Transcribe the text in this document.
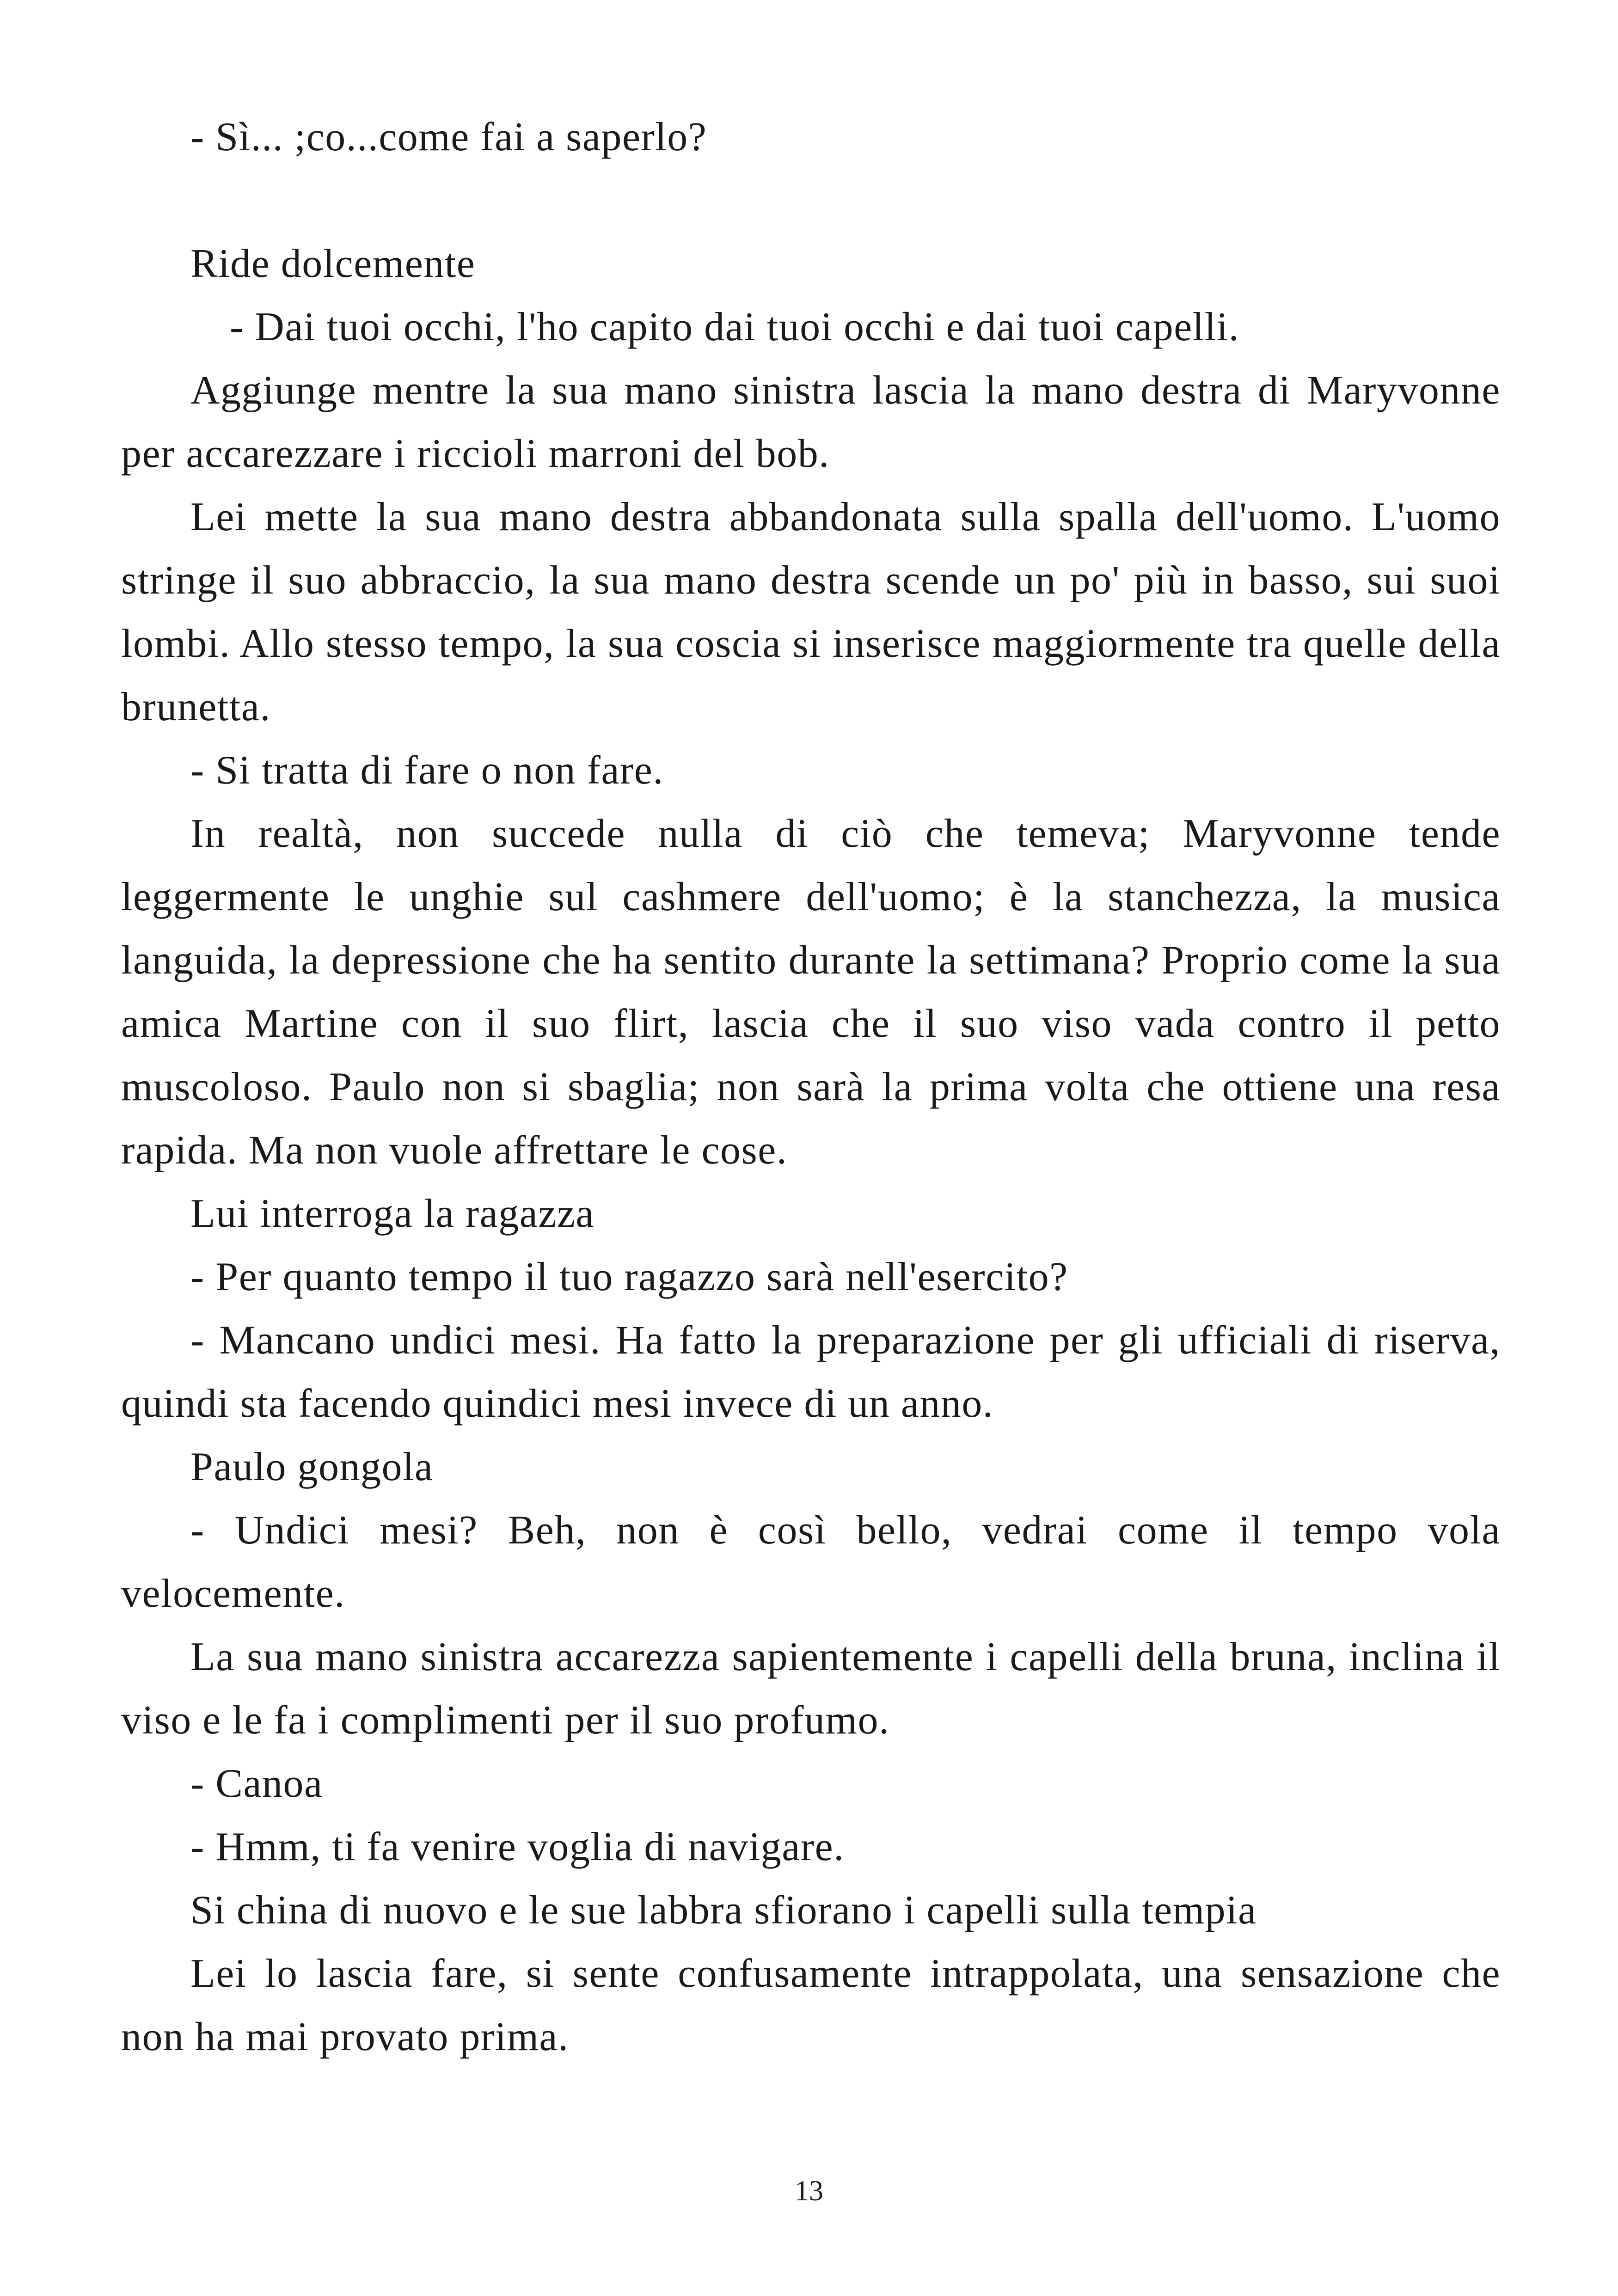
- Sì... ;co...come fai a saperlo?

Ride dolcemente

- Dai tuoi occhi, l'ho capito dai tuoi occhi e dai tuoi capelli.

Aggiunge mentre la sua mano sinistra lascia la mano destra di Maryvonne per accarezzare i riccioli marroni del bob.

Lei mette la sua mano destra abbandonata sulla spalla dell'uomo. L'uomo stringe il suo abbraccio, la sua mano destra scende un po' più in basso, sui suoi lombi. Allo stesso tempo, la sua coscia si inserisce maggiormente tra quelle della brunetta.

- Si tratta di fare o non fare.

In realtà, non succede nulla di ciò che temeva; Maryvonne tende leggermente le unghie sul cashmere dell'uomo; è la stanchezza, la musica languida, la depressione che ha sentito durante la settimana? Proprio come la sua amica Martine con il suo flirt, lascia che il suo viso vada contro il petto muscoloso. Paulo non si sbaglia; non sarà la prima volta che ottiene una resa rapida. Ma non vuole affrettare le cose.

Lui interroga la ragazza

- Per quanto tempo il tuo ragazzo sarà nell'esercito?

- Mancano undici mesi. Ha fatto la preparazione per gli ufficiali di riserva, quindi sta facendo quindici mesi invece di un anno.

Paulo gongola

- Undici mesi? Beh, non è così bello, vedrai come il tempo vola velocemente.

La sua mano sinistra accarezza sapientemente i capelli della bruna, inclina il viso e le fa i complimenti per il suo profumo.

- Canoa

- Hmm, ti fa venire voglia di navigare.

Si china di nuovo e le sue labbra sfiorano i capelli sulla tempia

Lei lo lascia fare, si sente confusamente intrappolata, una sensazione che non ha mai provato prima.

13
